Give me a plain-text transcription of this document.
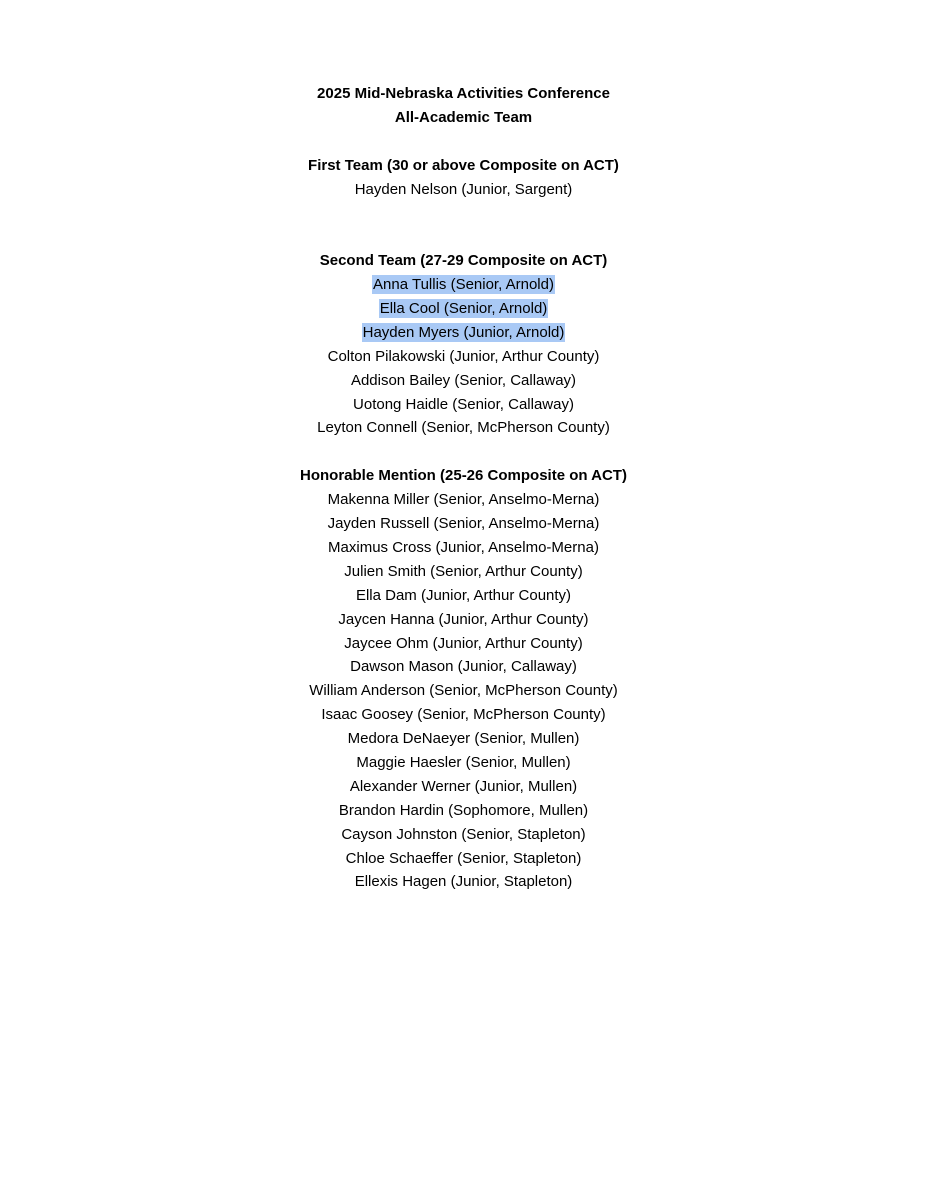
2025 Mid-Nebraska Activities Conference
All-Academic Team
First Team (30 or above Composite on ACT)
Hayden Nelson (Junior, Sargent)
Second Team (27-29 Composite on ACT)
Anna Tullis (Senior, Arnold)
Ella Cool (Senior, Arnold)
Hayden Myers (Junior, Arnold)
Colton Pilakowski (Junior, Arthur County)
Addison Bailey (Senior, Callaway)
Uotong Haidle (Senior, Callaway)
Leyton Connell (Senior, McPherson County)
Honorable Mention (25-26 Composite on ACT)
Makenna Miller (Senior, Anselmo-Merna)
Jayden Russell (Senior, Anselmo-Merna)
Maximus Cross (Junior, Anselmo-Merna)
Julien Smith (Senior, Arthur County)
Ella Dam (Junior, Arthur County)
Jaycen Hanna (Junior, Arthur County)
Jaycee Ohm (Junior, Arthur County)
Dawson Mason (Junior, Callaway)
William Anderson (Senior, McPherson County)
Isaac Goosey (Senior, McPherson County)
Medora DeNaeyer (Senior, Mullen)
Maggie Haesler (Senior, Mullen)
Alexander Werner (Junior, Mullen)
Brandon Hardin (Sophomore, Mullen)
Cayson Johnston (Senior, Stapleton)
Chloe Schaeffer (Senior, Stapleton)
Ellexis Hagen (Junior, Stapleton)
